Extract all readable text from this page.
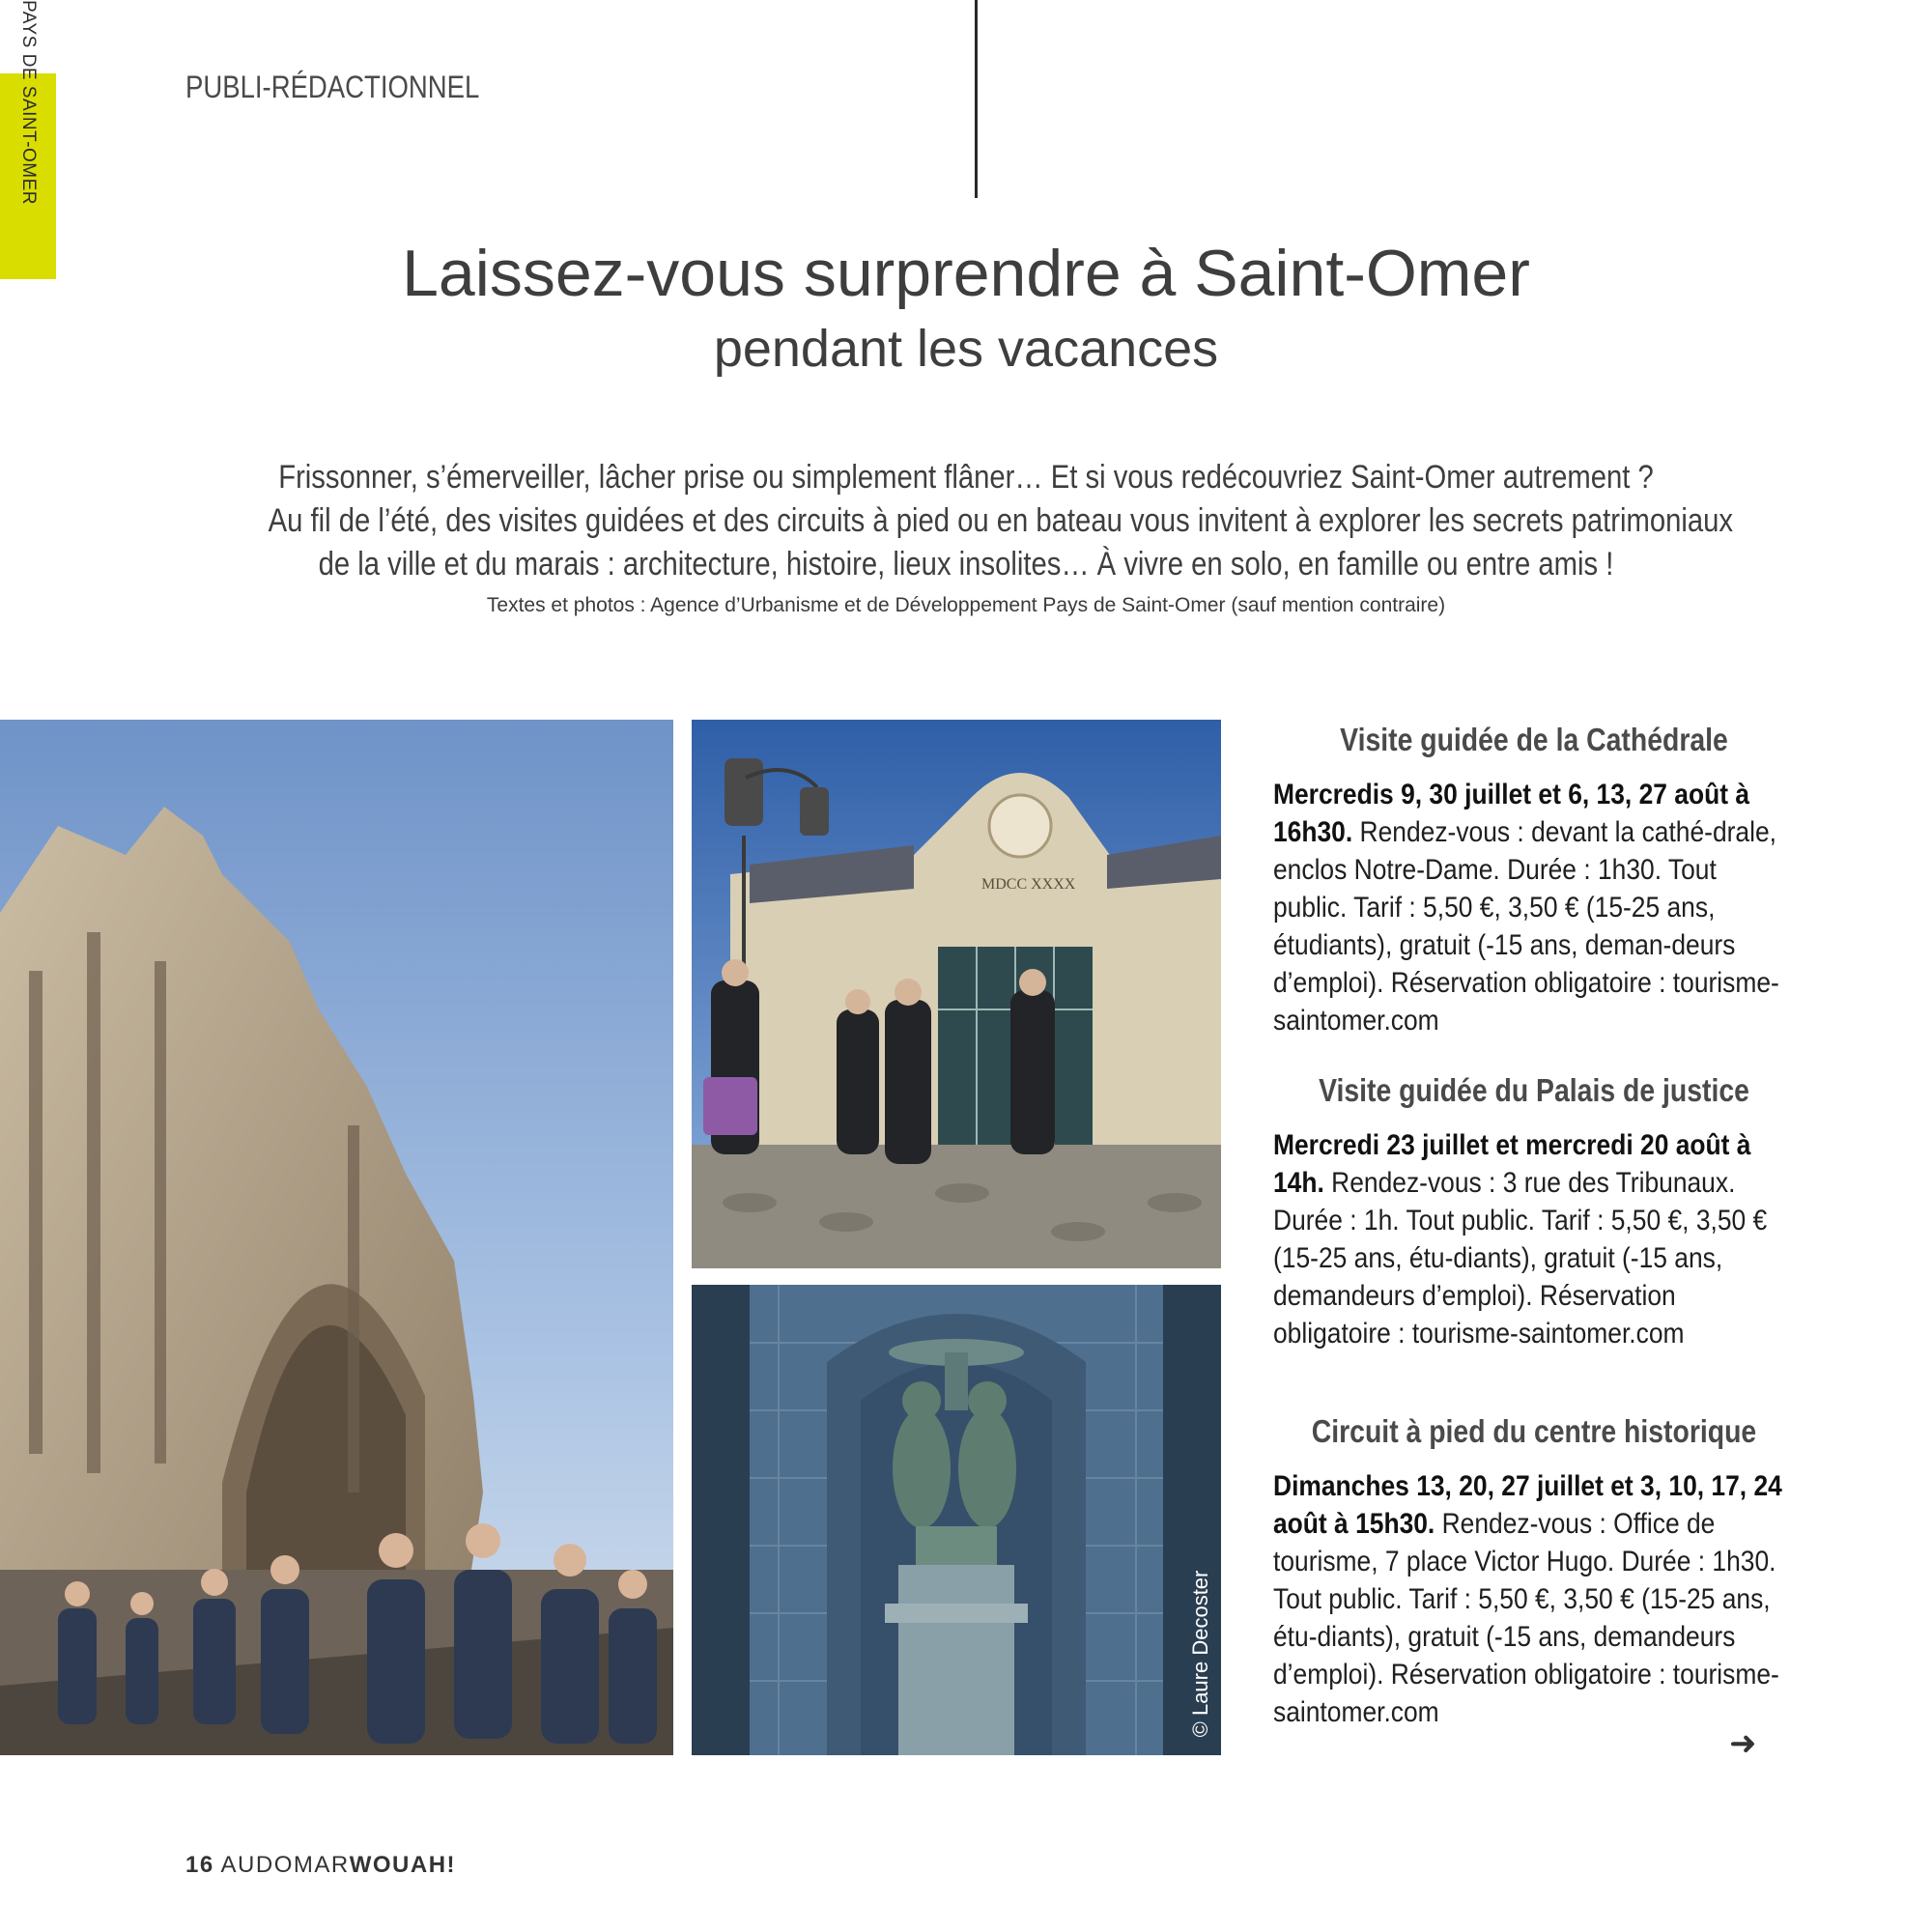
PAYS DE SAINT-OMER	PUBLI-RÉDACTIONNEL
Laissez-vous surprendre à Saint-Omer
pendant les vacances
Frissonner, s’émerveiller, lâcher prise ou simplement flâner… Et si vous redécouvriez Saint-Omer autrement ?
Au fil de l’été, des visites guidées et des circuits à pied ou en bateau vous invitent à explorer les secrets patrimoniaux
de la ville et du marais : architecture, histoire, lieux insolites… À vivre en solo, en famille ou entre amis !
Textes et photos : Agence d’Urbanisme et de Développement Pays de Saint-Omer (sauf mention contraire)
MDCC XXXX
© Laure Decoster
Visite guidée de la Cathédrale
Mercredis 9, 30 juillet et 6, 13, 27 août à 16h30. Rendez-vous : devant la cathé-drale, enclos Notre-Dame. Durée : 1h30. Tout public. Tarif : 5,50 €, 3,50 € (15-25 ans, étudiants), gratuit (-15 ans, deman-deurs d’emploi). Réservation obligatoire : tourisme-saintomer.com
Visite guidée du Palais de justice
Mercredi 23 juillet et mercredi 20 août à 14h. Rendez-vous : 3 rue des Tribunaux. Durée : 1h. Tout public. Tarif : 5,50 €, 3,50 € (15-25 ans, étu-diants), gratuit (-15 ans, demandeurs d’emploi). Réservation obligatoire : tourisme-saintomer.com
Circuit à pied du centre historique
Dimanches 13, 20, 27 juillet et 3, 10, 17, 24 août à 15h30. Rendez-vous : Office de tourisme, 7 place Victor Hugo. Durée : 1h30. Tout public. Tarif : 5,50 €, 3,50 € (15-25 ans, étu-diants), gratuit (-15 ans, demandeurs d’emploi). Réservation obligatoire : tourisme-saintomer.com
➜
16 AUDOMARWOUAH!
